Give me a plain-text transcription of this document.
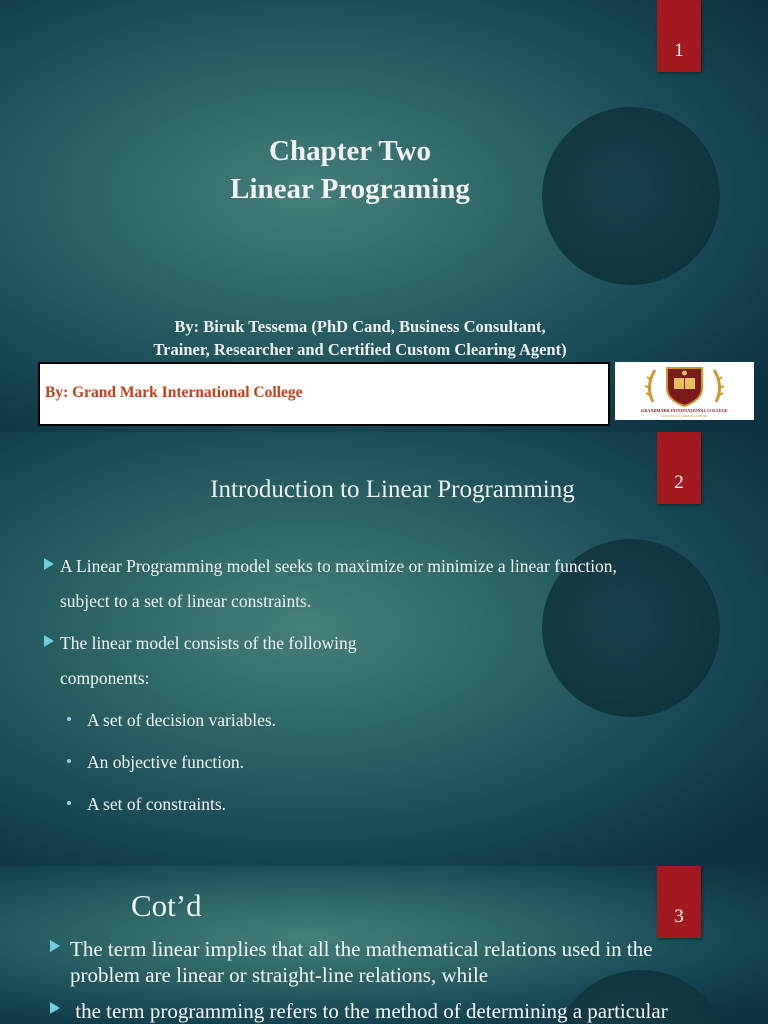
1
Chapter Two
Linear Programing
By: Biruk Tessema (PhD Cand, Business Consultant,
Trainer, Researcher and Certified Custom Clearing Agent)
By: Grand Mark International College
GRANDMARK INTERNATIONAL COLLEGE
EDUCATION & LEARNING CENTER
2
Introduction to Linear Programming
A Linear Programming model seeks to maximize or minimize a linear function,
subject to a set of linear constraints.
The linear model consists of the following
components:
A set of decision variables.
An objective function.
A set of constraints.
3
Cot’d
The term linear implies that all the mathematical relations used in the
problem are linear or straight-line relations, while
the term programming refers to the method of determining a particular
